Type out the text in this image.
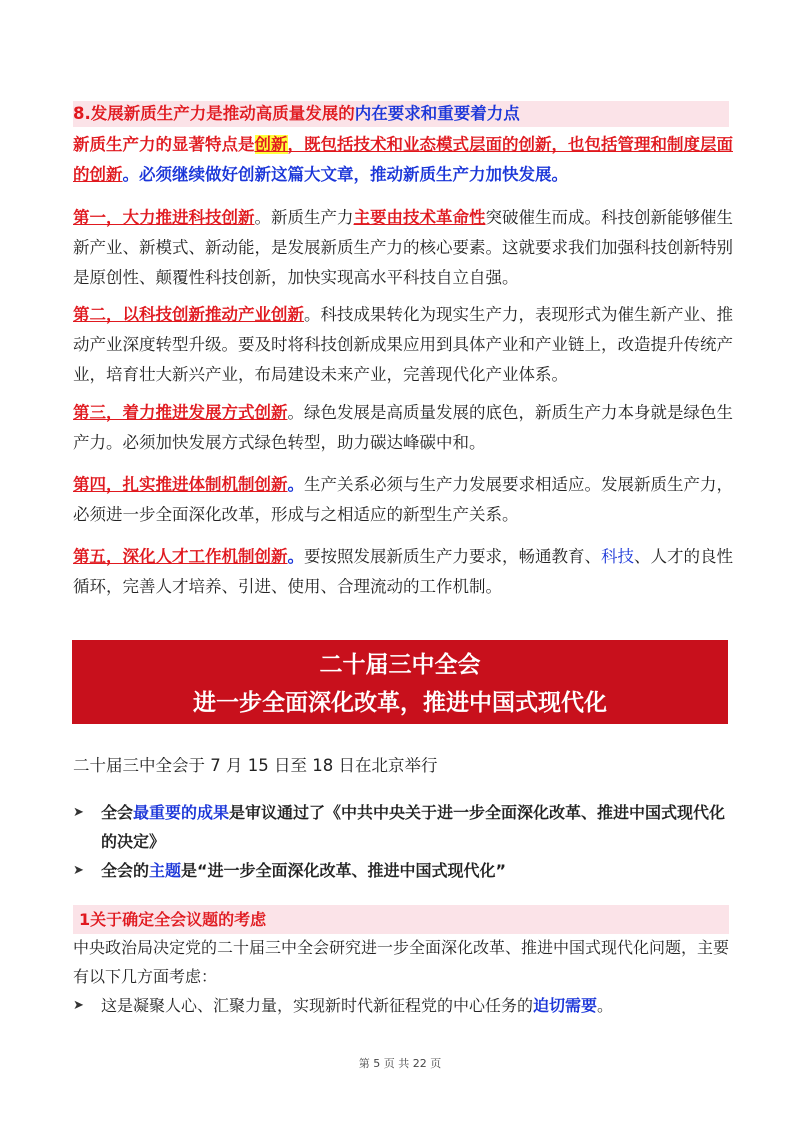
8.发展新质生产力是推动高质量发展的内在要求和重要着力点
新质生产力的显著特点是创新，既包括技术和业态模式层面的创新，也包括管理和制度层面的创新。必须继续做好创新这篇大文章，推动新质生产力加快发展。
第一，大力推进科技创新。新质生产力主要由技术革命性突破催生而成。科技创新能够催生新产业、新模式、新动能，是发展新质生产力的核心要素。这就要求我们加强科技创新特别是原创性、颠覆性科技创新，加快实现高水平科技自立自强。
第二，以科技创新推动产业创新。科技成果转化为现实生产力，表现形式为催生新产业、推动产业深度转型升级。要及时将科技创新成果应用到具体产业和产业链上，改造提升传统产业，培育壮大新兴产业，布局建设未来产业，完善现代化产业体系。
第三，着力推进发展方式创新。绿色发展是高质量发展的底色，新质生产力本身就是绿色生产力。必须加快发展方式绿色转型，助力碳达峰碳中和。
第四，扎实推进体制机制创新。生产关系必须与生产力发展要求相适应。发展新质生产力，必须进一步全面深化改革，形成与之相适应的新型生产关系。
第五，深化人才工作机制创新。要按照发展新质生产力要求，畅通教育、科技、人才的良性循环，完善人才培养、引进、使用、合理流动的工作机制。
二十届三中全会
进一步全面深化改革，推进中国式现代化
二十届三中全会于 7 月 15 日至 18 日在北京举行
➤ 全会最重要的成果是审议通过了《中共中央关于进一步全面深化改革、推进中国式现代化的决定》
➤ 全会的主题是“进一步全面深化改革、推进中国式现代化”
1关于确定全会议题的考虑
中央政治局决定党的二十届三中全会研究进一步全面深化改革、推进中国式现代化问题，主要有以下几方面考虑：
➤ 这是凝聚人心、汇聚力量，实现新时代新征程党的中心任务的迫切需要。
第 5 页 共 22 页
